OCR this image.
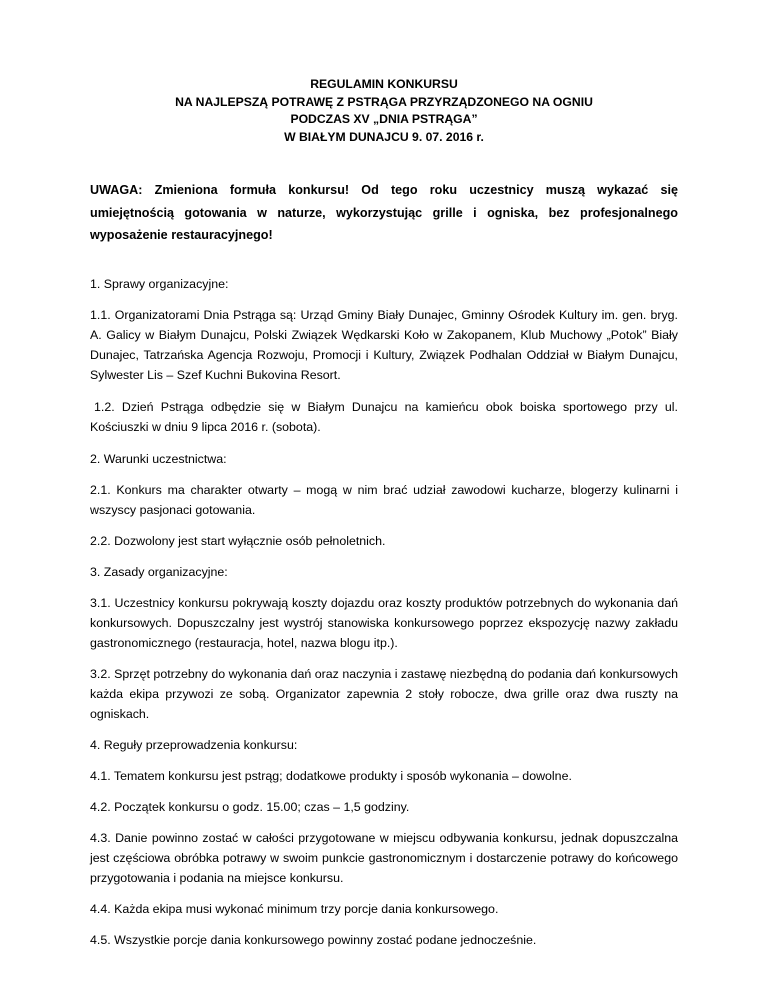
REGULAMIN KONKURSU
NA NAJLEPSZĄ POTRAWĘ Z PSTRĄGA PRZYRZĄDZONEGO NA OGNIU
PODCZAS XV „DNIA PSTRĄGA”
W BIAŁYM DUNAJCU 9. 07. 2016 r.

UWAGA: Zmieniona formuła konkursu! Od tego roku uczestnicy muszą wykazać się umiejętnością gotowania w naturze, wykorzystując grille i ogniska, bez profesjonalnego wyposażenie restauracyjnego!

1. Sprawy organizacyjne:

1.1. Organizatorami Dnia Pstrąga są: Urząd Gminy Biały Dunajec, Gminny Ośrodek Kultury im. gen. bryg. A. Galicy w Białym Dunajcu, Polski Związek Wędkarski Koło w Zakopanem, Klub Muchowy „Potok” Biały Dunajec, Tatrzańska Agencja Rozwoju, Promocji i Kultury, Związek Podhalan Oddział w Białym Dunajcu, Sylwester Lis – Szef Kuchni Bukovina Resort.

1.2. Dzień Pstrąga odbędzie się w Białym Dunajcu na kamieńcu obok boiska sportowego przy ul. Kościuszki w dniu 9 lipca 2016 r. (sobota).

2. Warunki uczestnictwa:

2.1. Konkurs ma charakter otwarty – mogą w nim brać udział zawodowi kucharze, blogerzy kulinarni i wszyscy pasjonaci gotowania.

2.2. Dozwolony jest start wyłącznie osób pełnoletnich.

3. Zasady organizacyjne:

3.1. Uczestnicy konkursu pokrywają koszty dojazdu oraz koszty produktów potrzebnych do wykonania dań konkursowych. Dopuszczalny jest wystrój stanowiska konkursowego poprzez ekspozycję nazwy zakładu gastronomicznego (restauracja, hotel, nazwa blogu itp.).

3.2. Sprzęt potrzebny do wykonania dań oraz naczynia i zastawę niezbędną do podania dań konkursowych każda ekipa przywozi ze sobą. Organizator zapewnia 2 stoły robocze, dwa grille oraz dwa ruszty na ogniskach.

4. Reguły przeprowadzenia konkursu:

4.1. Tematem konkursu jest pstrąg; dodatkowe produkty i sposób wykonania – dowolne.

4.2. Początek konkursu o godz. 15.00; czas – 1,5 godziny.

4.3. Danie powinno zostać w całości przygotowane w miejscu odbywania konkursu, jednak dopuszczalna jest częściowa obróbka potrawy w swoim punkcie gastronomicznym i dostarczenie potrawy do końcowego przygotowania i podania na miejsce konkursu.

4.4. Każda ekipa musi wykonać minimum trzy porcje dania konkursowego.

4.5. Wszystkie porcje dania konkursowego powinny zostać podane jednocześnie.
